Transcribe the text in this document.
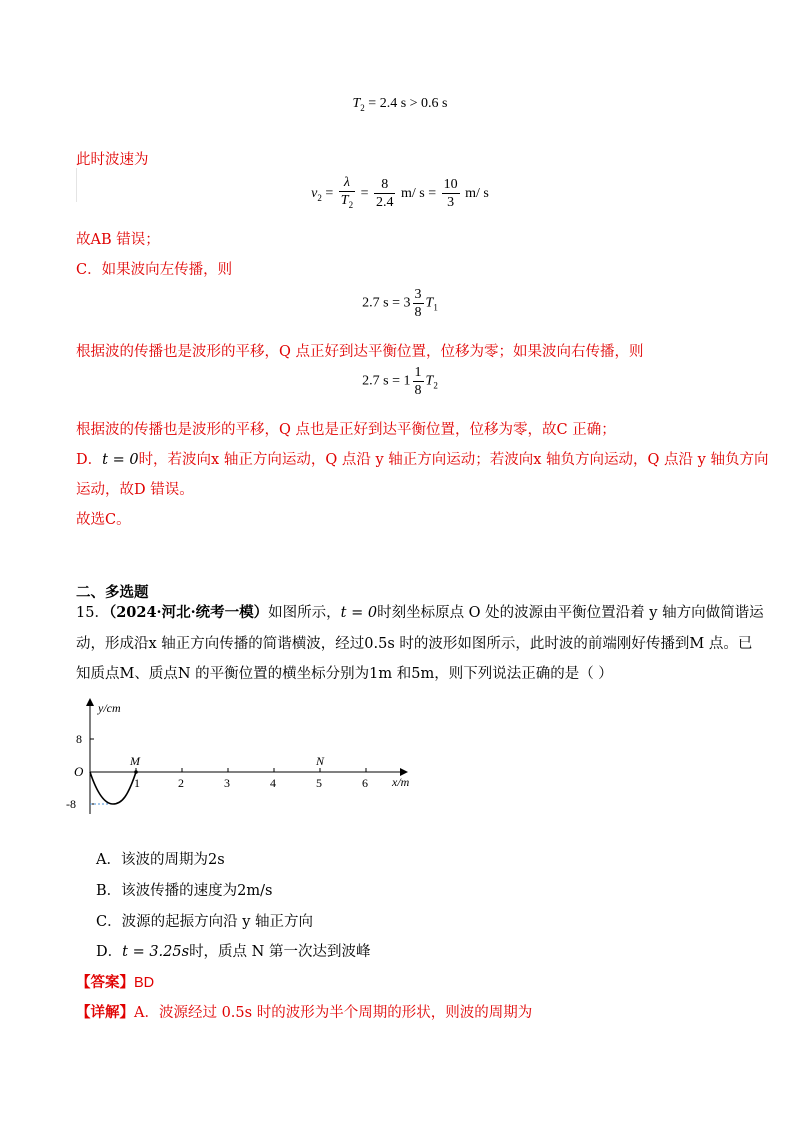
$T_2 = 2.4$ s > 0.6 s
此时波速为
$v_2 = \frac{\lambda}{T_2} = \frac{8}{2.4} m/$ $s = \frac{10}{3} m/$ s
故AB 错误；
C．如果波向左传播，则
2.7 $s = 3 \frac{3}{8} T_1$
根据波的传播也是波形的平移，Q 点正好到达平衡位置，位移为零；如果波向右传播，则
2.7 $s = 1 \frac{1}{8} T_2$
根据波的传播也是波形的平移，Q 点也是正好到达平衡位置，位移为零，故C 正确；
D．t = 0时，若波向x 轴正方向运动，Q 点沿 y 轴正方向运动；若波向x 轴负方向运动，Q 点沿 y 轴负方向
运动，故D 错误。
故选C。
二、多选题
15．（2024·河北·统考一模）如图所示，t = 0时刻坐标原点 O 处的波源由平衡位置沿着 y 轴方向做简谐运
动，形成沿x 轴正方向传播的简谐横波，经过0.5s 时的波形如图所示，此时波的前端刚好传播到M 点。已
知质点M、质点N 的平衡位置的横坐标分别为1m 和5m，则下列说法正确的是（ ）
y/cm
x/m
O
8
-8
1	2	3	4	5	6
M	N
A．该波的周期为2s
B．该波传播的速度为2m/s
C．波源的起振方向沿 y 轴正方向
D．t = 3.25s时，质点 N 第一次达到波峰
【答案】BD
【详解】A．波源经过 0.5s 时的波形为半个周期的形状，则波的周期为
